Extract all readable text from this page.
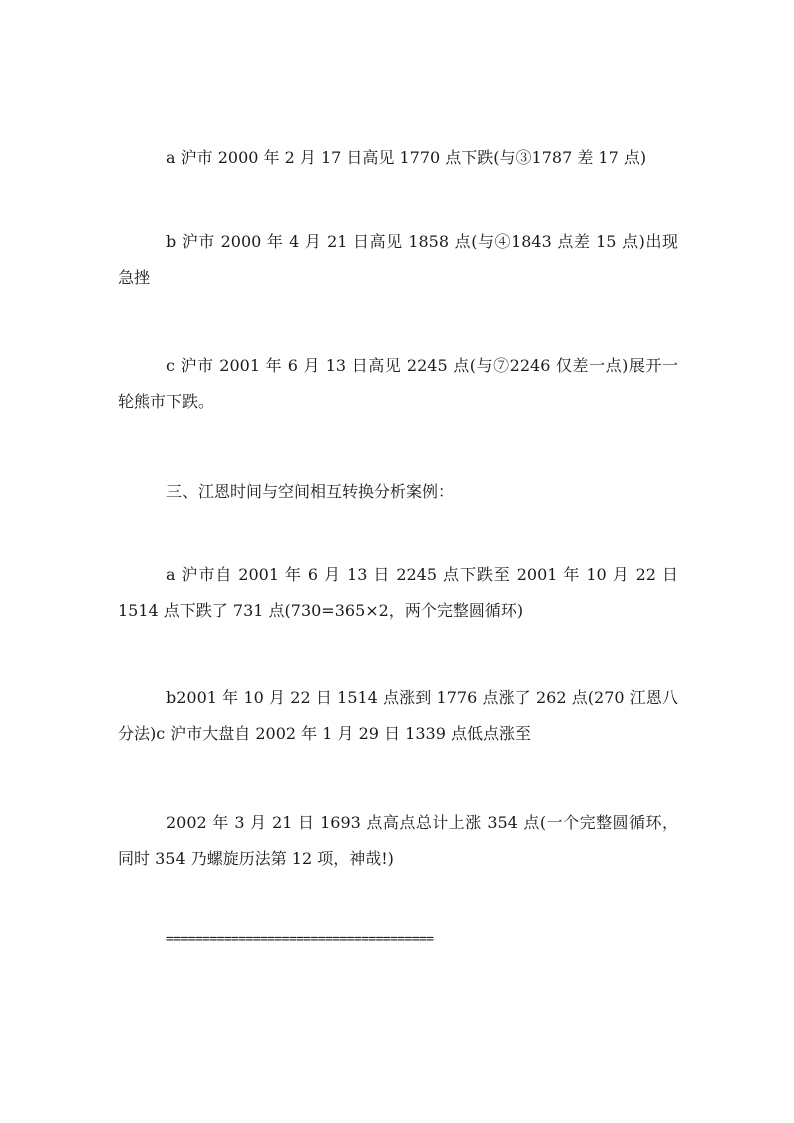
a 沪市 2000 年 2 月 17 日高见 1770 点下跌(与③1787 差 17 点)

b 沪市 2000 年 4 月 21 日高见 1858 点(与④1843 点差 15 点)出现急挫

c 沪市 2001 年 6 月 13 日高见 2245 点(与⑦2246 仅差一点)展开一轮熊市下跌。

三、江恩时间与空间相互转换分析案例：

a 沪市自 2001 年 6 月 13 日 2245 点下跌至 2001 年 10 月 22 日 1514 点下跌了 731 点(730=365×2，两个完整圆循环)

b2001 年 10 月 22 日 1514 点涨到 1776 点涨了 262 点(270 江恩八分法)c 沪市大盘自 2002 年 1 月 29 日 1339 点低点涨至

2002 年 3 月 21 日 1693 点高点总计上涨 354 点(一个完整圆循环，同时 354 乃螺旋历法第 12 项，神哉!)

=====================================
